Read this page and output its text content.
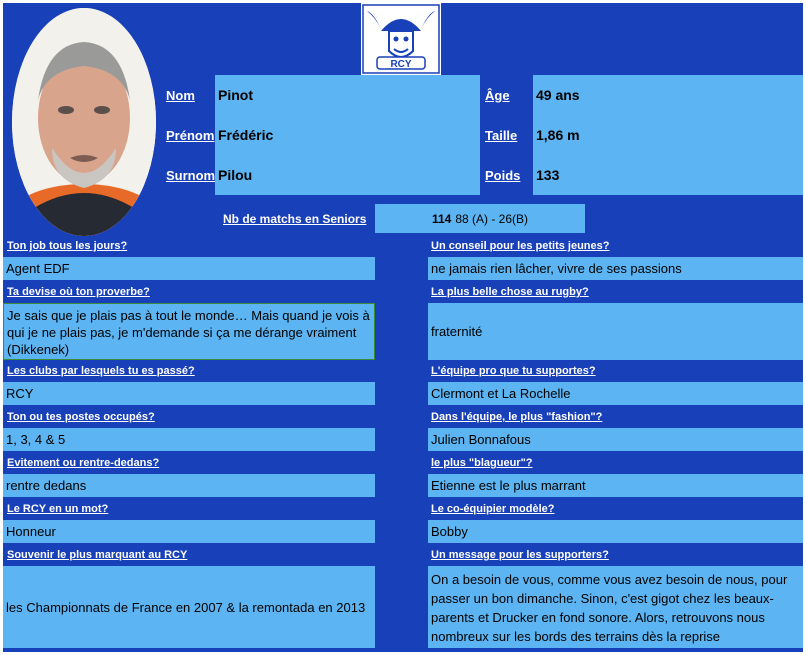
RCY
Photo du joueur
Nom Pinot
Prénom Frédéric
Surnom Pilou
Âge 49 ans
Taille 1,86 m
Poids 133
Nb de matchs en Seniors	114 88 (A) - 26(B)
Ton job tous les jours?
Agent EDF
Ta devise où ton proverbe?
Je sais que je plais pas à tout le monde… Mais quand je vois à qui je ne plais pas, je m'demande si ça me dérange vraiment (Dikkenek)
Les clubs par lesquels tu es passé?
RCY
Ton ou tes postes occupés?
1, 3, 4 & 5
Evitement ou rentre-dedans?
rentre dedans
Le RCY en un mot?
Honneur
Souvenir le plus marquant au RCY
les Championnats de France en 2007 & la remontada en 2013
Un conseil pour les petits jeunes?
ne jamais rien lâcher, vivre de ses passions
La plus belle chose au rugby?
fraternité
L'équipe pro que tu supportes?
Clermont et La Rochelle
Dans l'équipe, le plus "fashion"?
Julien Bonnafous
le plus "blagueur"?
Etienne est le plus marrant
Le co-équipier modèle?
Bobby
Un message pour les supporters?
On a besoin de vous, comme vous avez besoin de nous, pour passer un bon dimanche. Sinon, c'est gigot chez les beaux-parents et Drucker en fond sonore. Alors, retrouvons nous nombreux sur les bords des terrains dès la reprise
